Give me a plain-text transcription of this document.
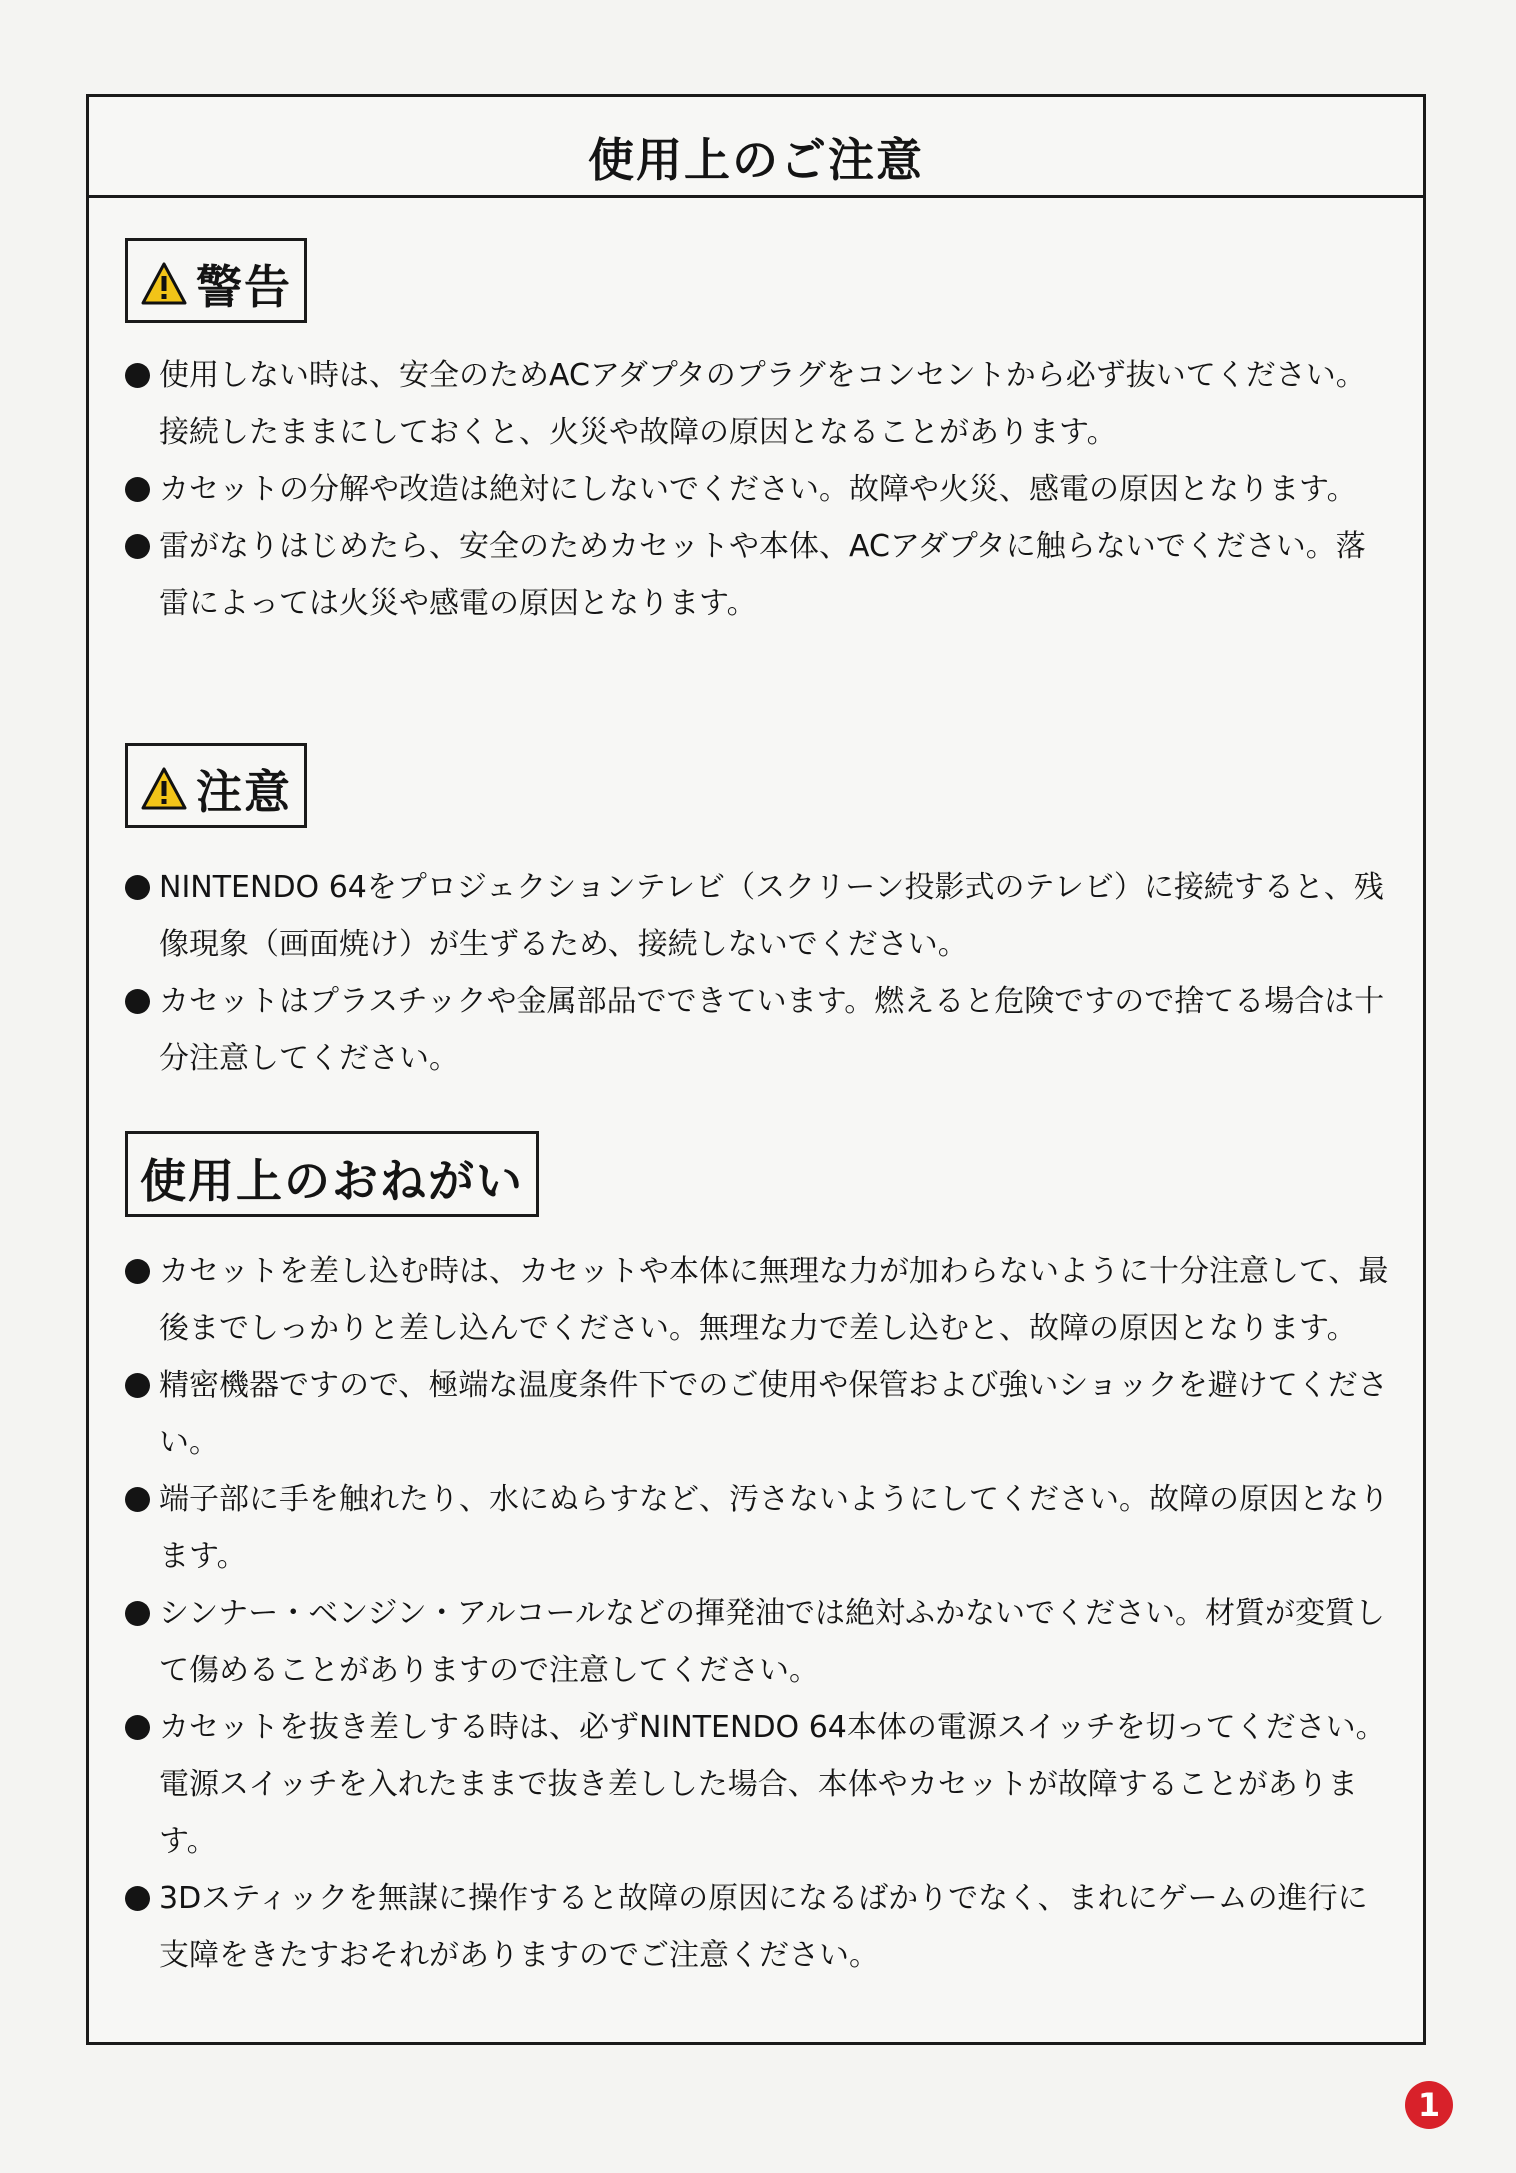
使用上のご注意
警告
使用しない時は、安全のためACアダプタのプラグをコンセントから必ず抜いてください。接続したままにしておくと、火災や故障の原因となることがあります。
カセットの分解や改造は絶対にしないでください。故障や火災、感電の原因となります。
雷がなりはじめたら、安全のためカセットや本体、ACアダプタに触らないでください。落雷によっては火災や感電の原因となります。
注意
NINTENDO 64をプロジェクションテレビ（スクリーン投影式のテレビ）に接続すると、残像現象（画面焼け）が生ずるため、接続しないでください。
カセットはプラスチックや金属部品でできています。燃えると危険ですので捨てる場合は十分注意してください。
使用上のおねがい
カセットを差し込む時は、カセットや本体に無理な力が加わらないように十分注意して、最後までしっかりと差し込んでください。無理な力で差し込むと、故障の原因となります。
精密機器ですので、極端な温度条件下でのご使用や保管および強いショックを避けてください。
端子部に手を触れたり、水にぬらすなど、汚さないようにしてください。故障の原因となります。
シンナー・ベンジン・アルコールなどの揮発油では絶対ふかないでください。材質が変質して傷めることがありますので注意してください。
カセットを抜き差しする時は、必ずNINTENDO 64本体の電源スイッチを切ってください。電源スイッチを入れたままで抜き差しした場合、本体やカセットが故障することがあります。
3Dスティックを無謀に操作すると故障の原因になるばかりでなく、まれにゲームの進行に支障をきたすおそれがありますのでご注意ください。
1
